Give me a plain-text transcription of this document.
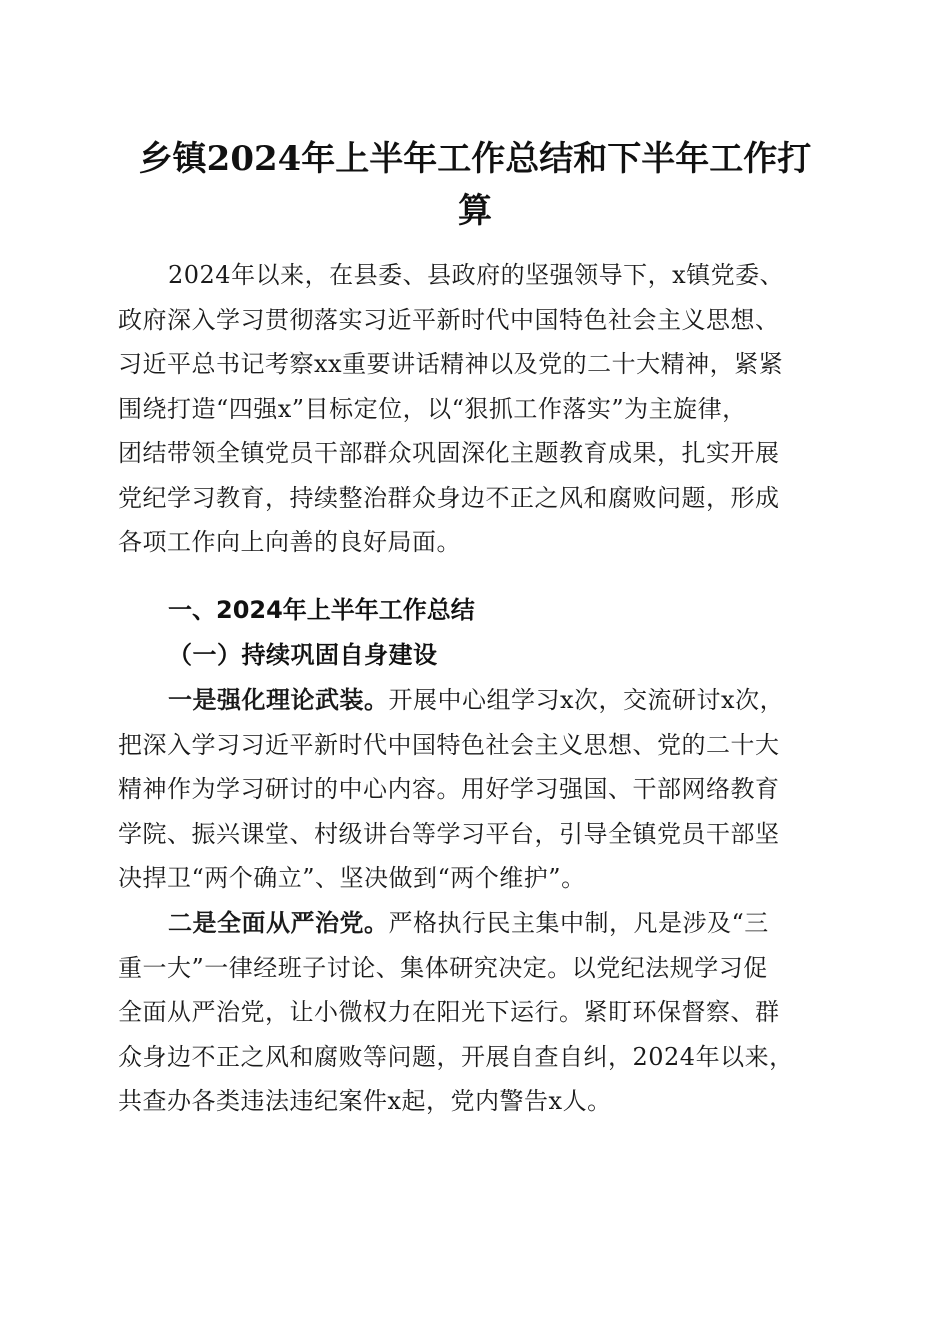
乡镇2024年上半年工作总结和下半年工作打
算

2024年以来，在县委、县政府的坚强领导下，x镇党委、
政府深入学习贯彻落实习近平新时代中国特色社会主义思想、
习近平总书记考察xx重要讲话精神以及党的二十大精神，紧紧
围绕打造“四强x”目标定位，以“狠抓工作落实”为主旋律，
团结带领全镇党员干部群众巩固深化主题教育成果，扎实开展
党纪学习教育，持续整治群众身边不正之风和腐败问题，形成
各项工作向上向善的良好局面。

一、2024年上半年工作总结
（一）持续巩固自身建设

一是强化理论武装。开展中心组学习x次，交流研讨x次，
把深入学习习近平新时代中国特色社会主义思想、党的二十大
精神作为学习研讨的中心内容。用好学习强国、干部网络教育
学院、振兴课堂、村级讲台等学习平台，引导全镇党员干部坚
决捍卫“两个确立”、坚决做到“两个维护”。

二是全面从严治党。严格执行民主集中制，凡是涉及“三
重一大”一律经班子讨论、集体研究决定。以党纪法规学习促
全面从严治党，让小微权力在阳光下运行。紧盯环保督察、群
众身边不正之风和腐败等问题，开展自查自纠，2024年以来，
共查办各类违法违纪案件x起，党内警告x人。
